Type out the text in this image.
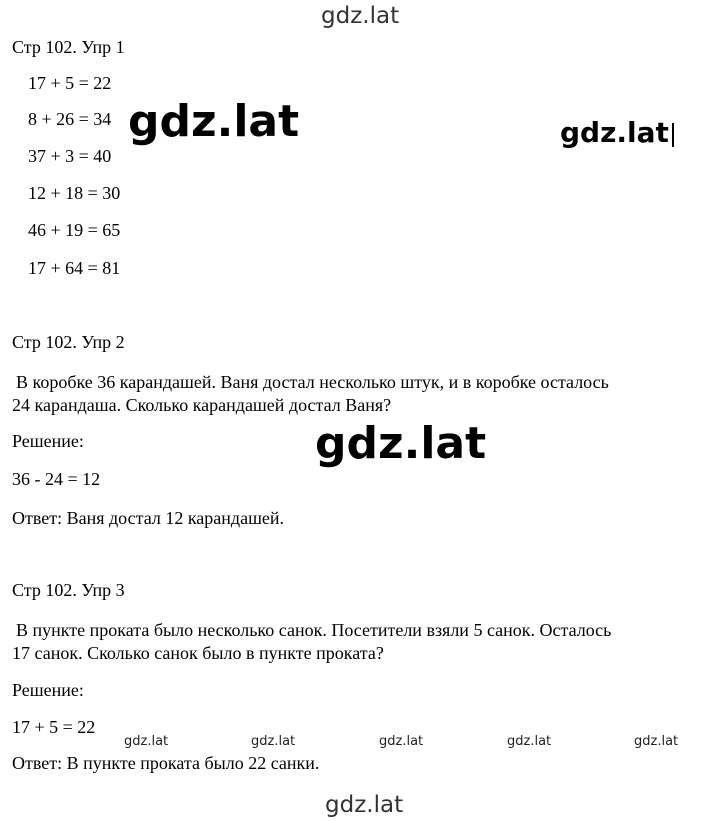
gdz.lat
gdz.lat	gdz.lat
gdz.lat
Стр 102. Упр 1
17 + 5 = 22
8 + 26 = 34
37 + 3 = 40
12 + 18 = 30
46 + 19 = 65
17 + 64 = 81
Стр 102. Упр 2
В коробке 36 карандашей. Ваня достал несколько штук, и в коробке осталось
24 карандаша. Сколько карандашей достал Ваня?
Решение:
36 - 24 = 12
Ответ: Ваня достал 12 карандашей.
Стр 102. Упр 3
В пункте проката было несколько санок. Посетители взяли 5 санок. Осталось
17 санок. Сколько санок было в пункте проката?
Решение:
17 + 5 = 22
gdz.lat	gdz.lat	gdz.lat	gdz.lat	gdz.lat
Ответ: В пункте проката было 22 санки.
gdz.lat
